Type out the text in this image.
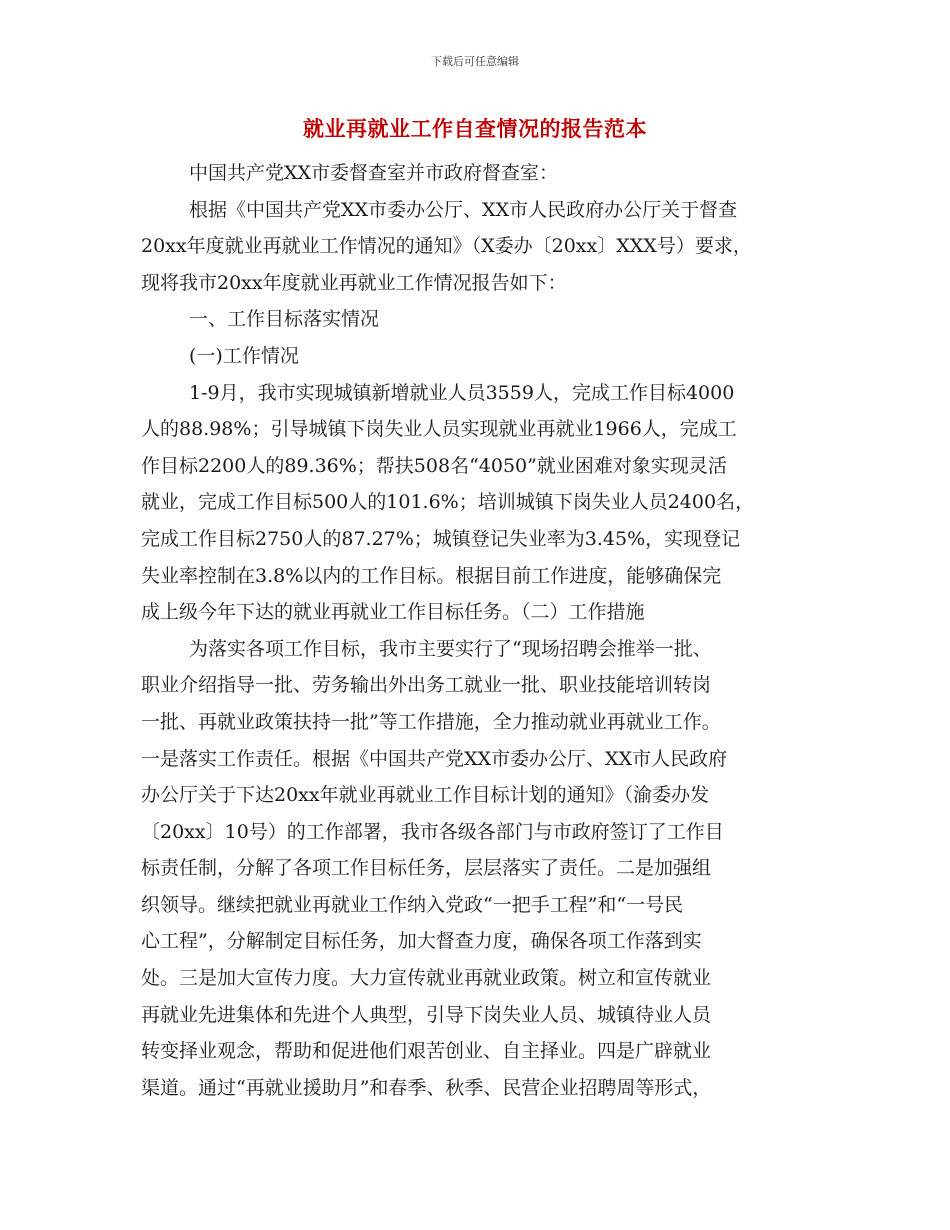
下载后可任意编辑
就业再就业工作自查情况的报告范本
中国共产党XX市委督查室并市政府督查室：
根据《中国共产党XX市委办公厅、XX市人民政府办公厅关于督查
20xx年度就业再就业工作情况的通知》（X委办〔20xx〕XXX号）要求，
现将我市20xx年度就业再就业工作情况报告如下：
一、工作目标落实情况
(一)工作情况
1-9月，我市实现城镇新增就业人员3559人，完成工作目标4000
人的88.98%；引导城镇下岗失业人员实现就业再就业1966人，完成工
作目标2200人的89.36%；帮扶508名“4050”就业困难对象实现灵活
就业，完成工作目标500人的101.6%；培训城镇下岗失业人员2400名，
完成工作目标2750人的87.27%；城镇登记失业率为3.45%，实现登记
失业率控制在3.8%以内的工作目标。根据目前工作进度，能够确保完
成上级今年下达的就业再就业工作目标任务。（二）工作措施
为落实各项工作目标，我市主要实行了“现场招聘会推举一批、
职业介绍指导一批、劳务输出外出务工就业一批、职业技能培训转岗
一批、再就业政策扶持一批”等工作措施，全力推动就业再就业工作。
一是落实工作责任。根据《中国共产党XX市委办公厅、XX市人民政府
办公厅关于下达20xx年就业再就业工作目标计划的通知》（渝委办发
〔20xx〕10号）的工作部署，我市各级各部门与市政府签订了工作目
标责任制，分解了各项工作目标任务，层层落实了责任。二是加强组
织领导。继续把就业再就业工作纳入党政“一把手工程”和“一号民
心工程”，分解制定目标任务，加大督查力度，确保各项工作落到实
处。三是加大宣传力度。大力宣传就业再就业政策。树立和宣传就业
再就业先进集体和先进个人典型，引导下岗失业人员、城镇待业人员
转变择业观念，帮助和促进他们艰苦创业、自主择业。四是广辟就业
渠道。通过“再就业援助月”和春季、秋季、民营企业招聘周等形式，
